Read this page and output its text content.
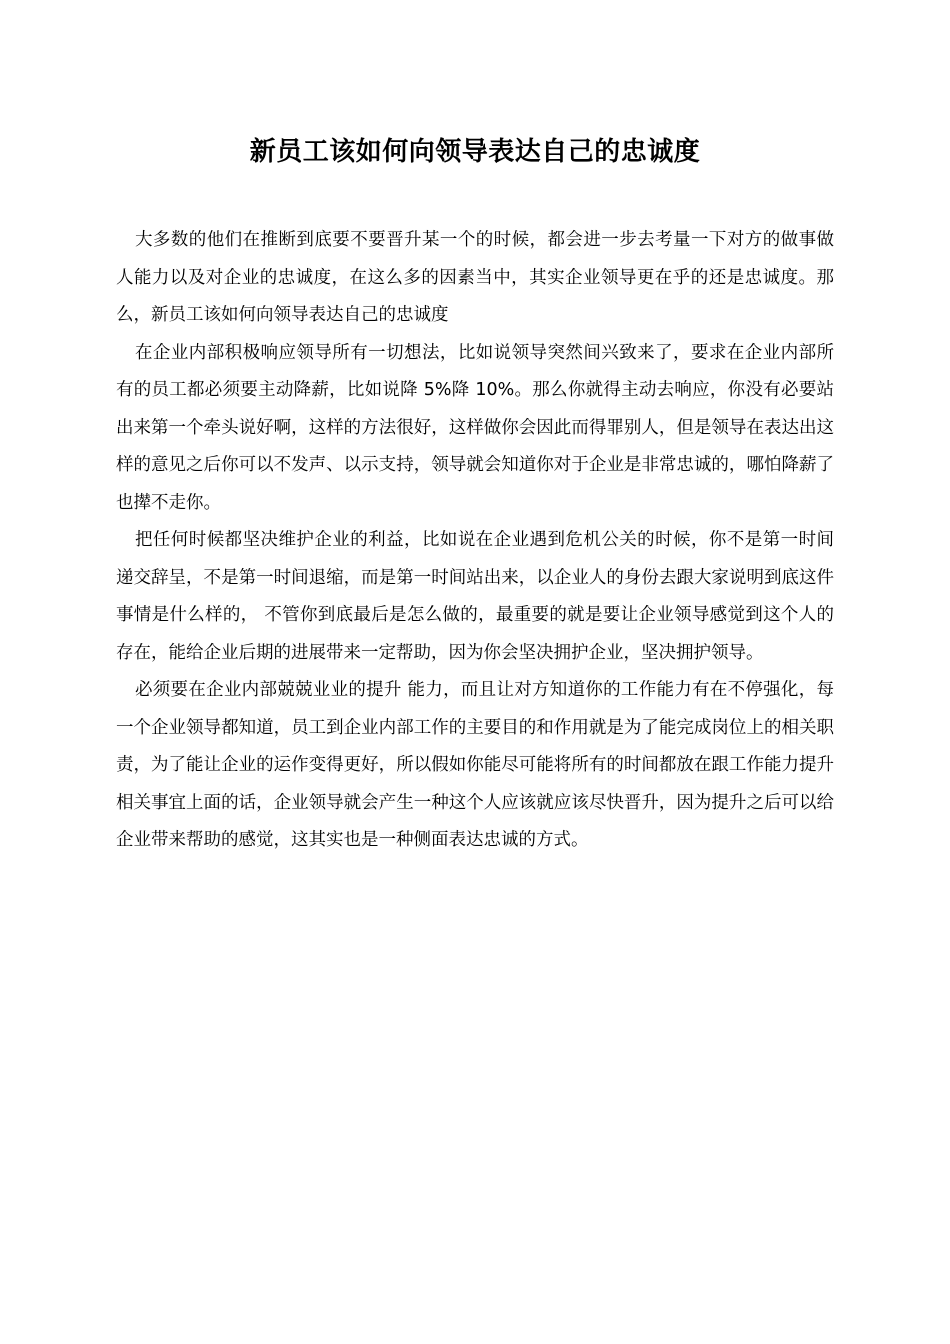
新员工该如何向领导表达自己的忠诚度

大多数的他们在推断到底要不要晋升某一个的时候，都会进一步去考量一下对方的做事做人能力以及对企业的忠诚度，在这么多的因素当中，其实企业领导更在乎的还是忠诚度。那么，新员工该如何向领导表达自己的忠诚度

在企业内部积极响应领导所有一切想法，比如说领导突然间兴致来了，要求在企业内部所有的员工都必须要主动降薪，比如说降 5%降 10%。那么你就得主动去响应，你没有必要站出来第一个牵头说好啊，这样的方法很好，这样做你会因此而得罪别人，但是领导在表达出这样的意见之后你可以不发声、以示支持，领导就会知道你对于企业是非常忠诚的，哪怕降薪了也撵不走你。

把任何时候都坚决维护企业的利益，比如说在企业遇到危机公关的时候，你不是第一时间递交辞呈，不是第一时间退缩，而是第一时间站出来，以企业人的身份去跟大家说明到底这件事情是什么样的， 不管你到底最后是怎么做的，最重要的就是要让企业领导感觉到这个人的存在，能给企业后期的进展带来一定帮助，因为你会坚决拥护企业，坚决拥护领导。

必须要在企业内部兢兢业业的提升 能力，而且让对方知道你的工作能力有在不停强化，每一个企业领导都知道，员工到企业内部工作的主要目的和作用就是为了能完成岗位上的相关职责，为了能让企业的运作变得更好，所以假如你能尽可能将所有的时间都放在跟工作能力提升相关事宜上面的话，企业领导就会产生一种这个人应该就应该尽快晋升，因为提升之后可以给企业带来帮助的感觉，这其实也是一种侧面表达忠诚的方式。
